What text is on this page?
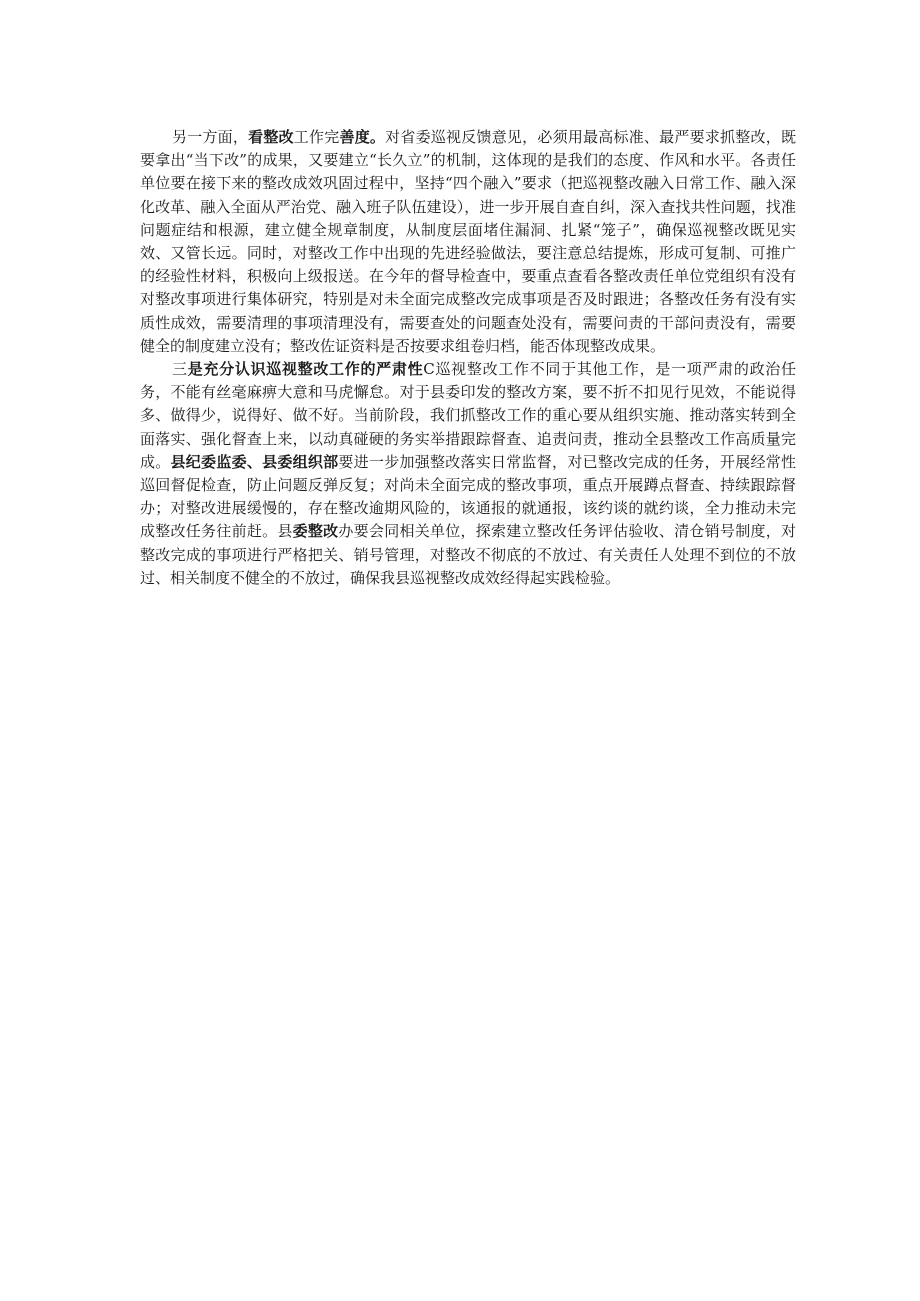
另一方面，看整改工作完善度。对省委巡视反馈意见，必须用最高标准、最严要求抓整改，既要拿出“当下改”的成果，又要建立“长久立”的机制，这体现的是我们的态度、作风和水平。各责任单位要在接下来的整改成效巩固过程中，坚持“四个融入”要求（把巡视整改融入日常工作、融入深化改革、融入全面从严治党、融入班子队伍建设），进一步开展自查自纠，深入查找共性问题，找准问题症结和根源，建立健全规章制度，从制度层面堵住漏洞、扎紧“笼子”，确保巡视整改既见实效、又管长远。同时，对整改工作中出现的先进经验做法，要注意总结提炼，形成可复制、可推广的经验性材料，积极向上级报送。在今年的督导检查中，要重点查看各整改责任单位党组织有没有对整改事项进行集体研究，特别是对未全面完成整改完成事项是否及时跟进；各整改任务有没有实质性成效，需要清理的事项清理没有，需要查处的问题查处没有，需要问责的干部问责没有，需要健全的制度建立没有；整改佐证资料是否按要求组卷归档，能否体现整改成果。

三是充分认识巡视整改工作的严肃性C巡视整改工作不同于其他工作，是一项严肃的政治任务，不能有丝毫麻痹大意和马虎懈怠。对于县委印发的整改方案，要不折不扣见行见效，不能说得多、做得少，说得好、做不好。当前阶段，我们抓整改工作的重心要从组织实施、推动落实转到全面落实、强化督查上来，以动真碰硬的务实举措跟踪督查、追责问责，推动全县整改工作高质量完成。县纪委监委、县委组织部要进一步加强整改落实日常监督，对已整改完成的任务，开展经常性巡回督促检查，防止问题反弹反复；对尚未全面完成的整改事项，重点开展蹲点督查、持续跟踪督办；对整改进展缓慢的，存在整改逾期风险的，该通报的就通报，该约谈的就约谈，全力推动未完成整改任务往前赶。县委整改办要会同相关单位，探索建立整改任务评估验收、清仓销号制度，对整改完成的事项进行严格把关、销号管理，对整改不彻底的不放过、有关责任人处理不到位的不放过、相关制度不健全的不放过，确保我县巡视整改成效经得起实践检验。
